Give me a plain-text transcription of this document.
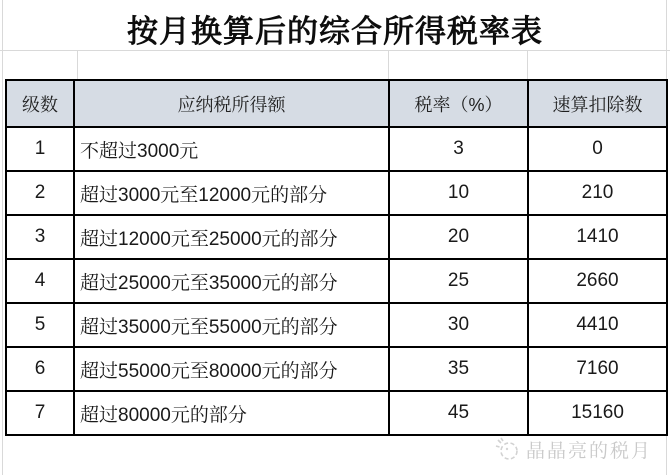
按月换算后的综合所得税率表
级数	应纳税所得额	税率（%）	速算扣除数
1	不超过3000元	3	0
2	超过3000元至12000元的部分	10	210
3	超过12000元至25000元的部分	20	1410
4	超过25000元至35000元的部分	25	2660
5	超过35000元至55000元的部分	30	4410
6	超过55000元至80000元的部分	35	7160
7	超过80000元的部分	45	15160
晶晶亮的税月
